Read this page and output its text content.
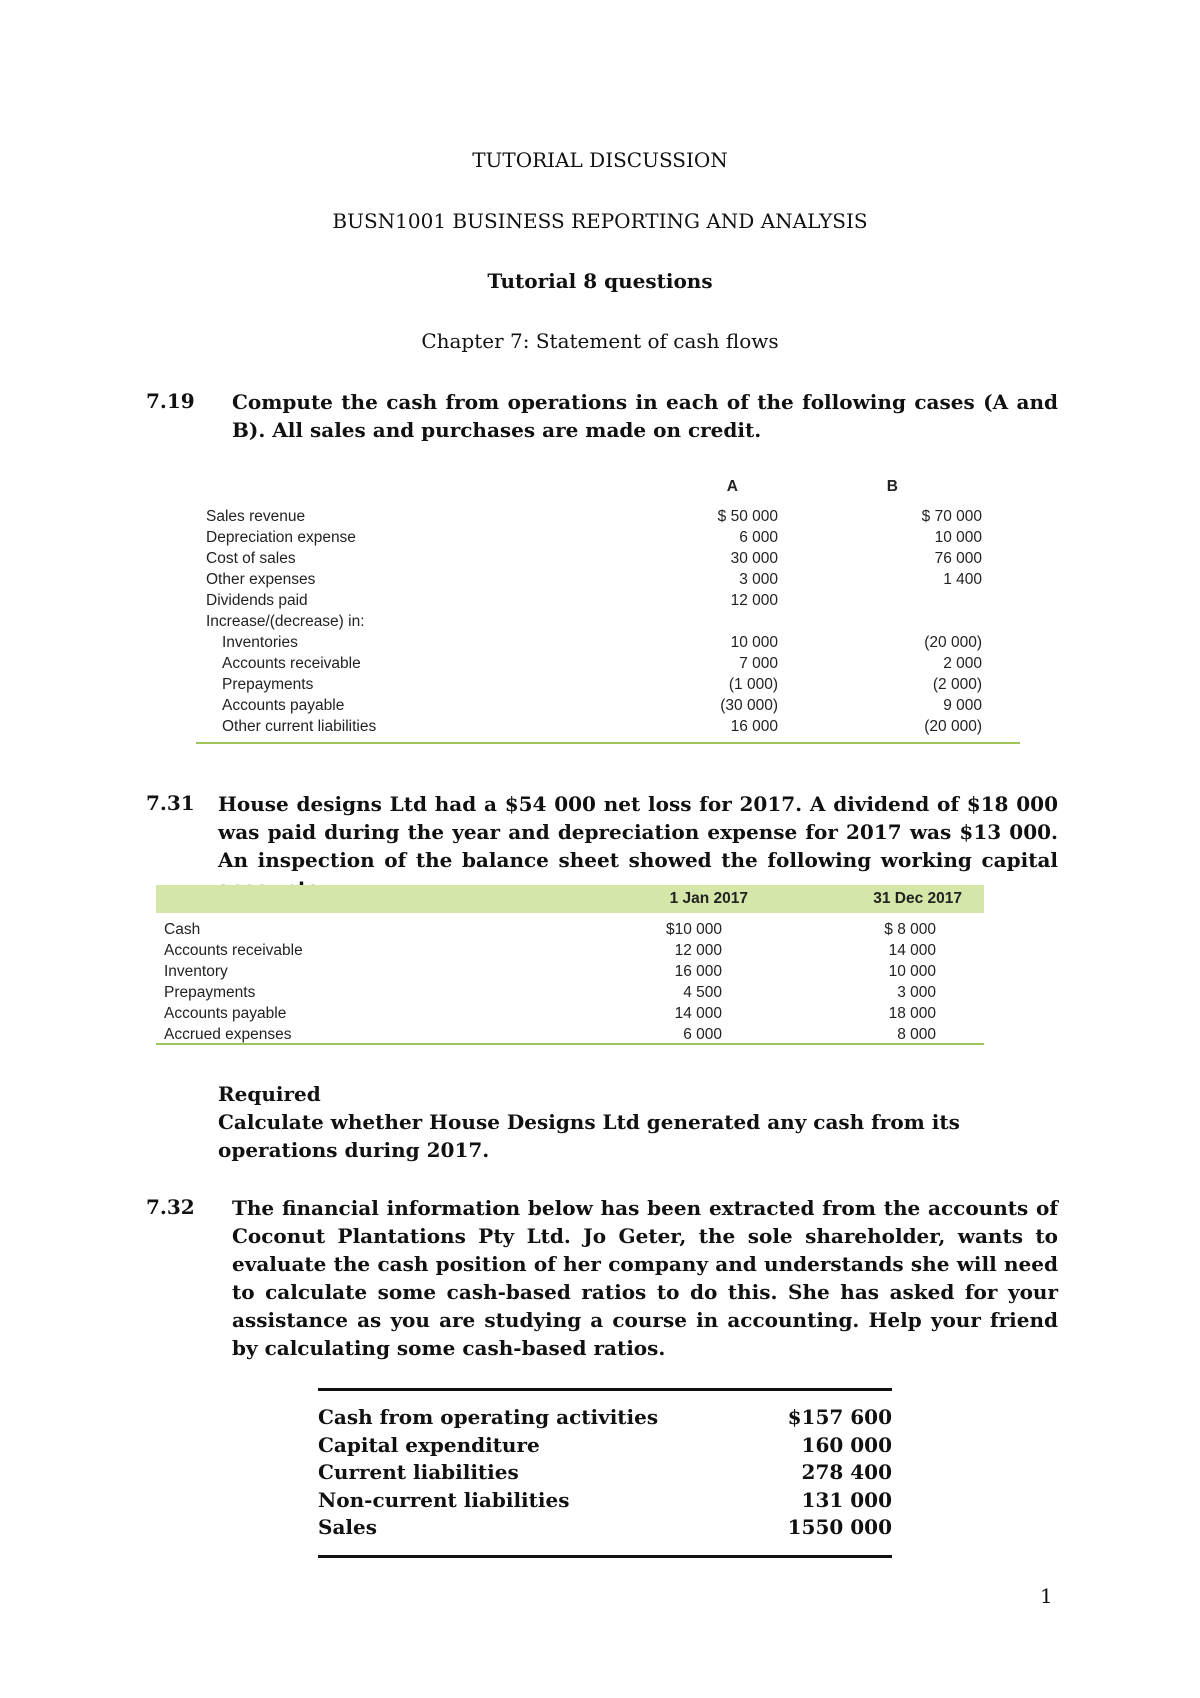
TUTORIAL DISCUSSION
BUSN1001 BUSINESS REPORTING AND ANALYSIS
Tutorial 8 questions
Chapter 7: Statement of cash flows
7.19 Compute the cash from operations in each of the following cases (A and B). All sales and purchases are made on credit.
A	B
Sales revenue	$ 50 000	$ 70 000
Depreciation expense	6 000	10 000
Cost of sales	30 000	76 000
Other expenses	3 000	1 400
Dividends paid	12 000
Increase/(decrease) in:
Inventories	10 000	(20 000)
Accounts receivable	7 000	2 000
Prepayments	(1 000)	(2 000)
Accounts payable	(30 000)	9 000
Other current liabilities	16 000	(20 000)
7.31 House designs Ltd had a $54 000 net loss for 2017. A dividend of $18 000 was paid during the year and depreciation expense for 2017 was $13 000. An inspection of the balance sheet showed the following working capital
1 Jan 2017	31 Dec 2017
Cash	$10 000	$ 8 000
Accounts receivable	12 000	14 000
Inventory	16 000	10 000
Prepayments	4 500	3 000
Accounts payable	14 000	18 000
Accrued expenses	6 000	8 000
Required
Calculate whether House Designs Ltd generated any cash from its operations during 2017.
7.32 The financial information below has been extracted from the accounts of Coconut Plantations Pty Ltd. Jo Geter, the sole shareholder, wants to evaluate the cash position of her company and understands she will need to calculate some cash-based ratios to do this. She has asked for your assistance as you are studying a course in accounting. Help your friend by calculating some cash-based ratios.
Cash from operating activities	$157 600
Capital expenditure	160 000
Current liabilities	278 400
Non-current liabilities	131 000
Sales	1550 000
1
